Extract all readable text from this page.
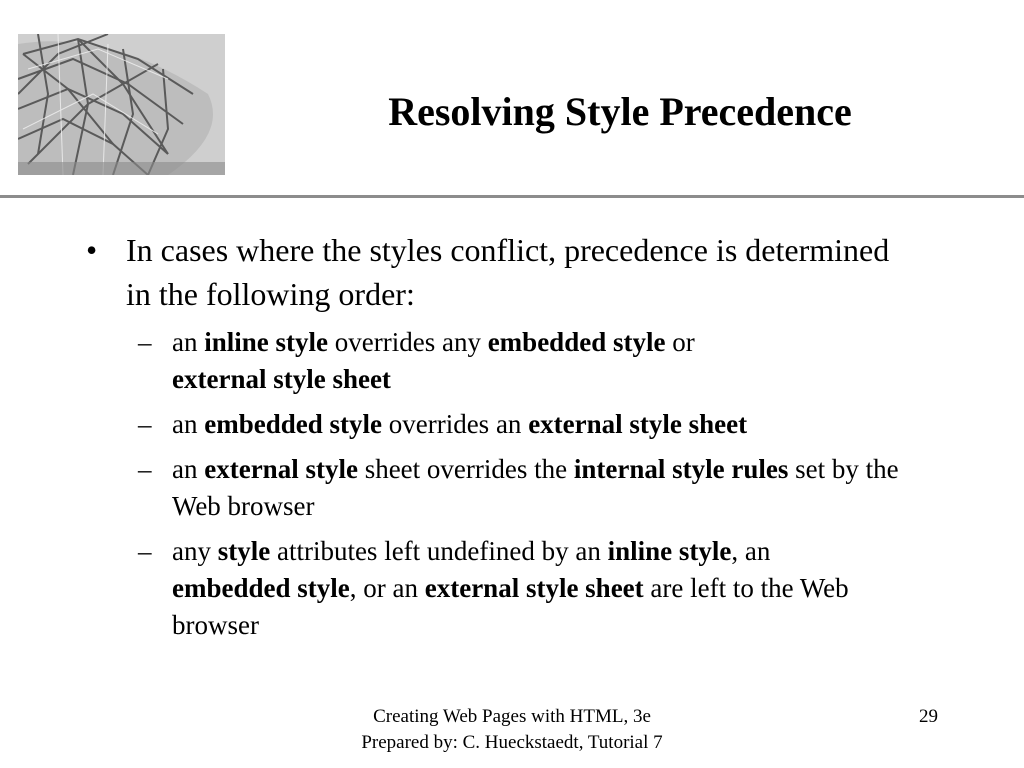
Resolving Style Precedence
• In cases where the styles conflict, precedence is determined in the following order:
– an inline style overrides any embedded style or
external style sheet
– an embedded style overrides an external style sheet
– an external style sheet overrides the internal style rules set by the Web browser
– any style attributes left undefined by an inline style, an
embedded style, or an external style sheet are left to the Web browser
Creating Web Pages with HTML, 3e
Prepared by: C. Hueckstaedt, Tutorial 7
29
